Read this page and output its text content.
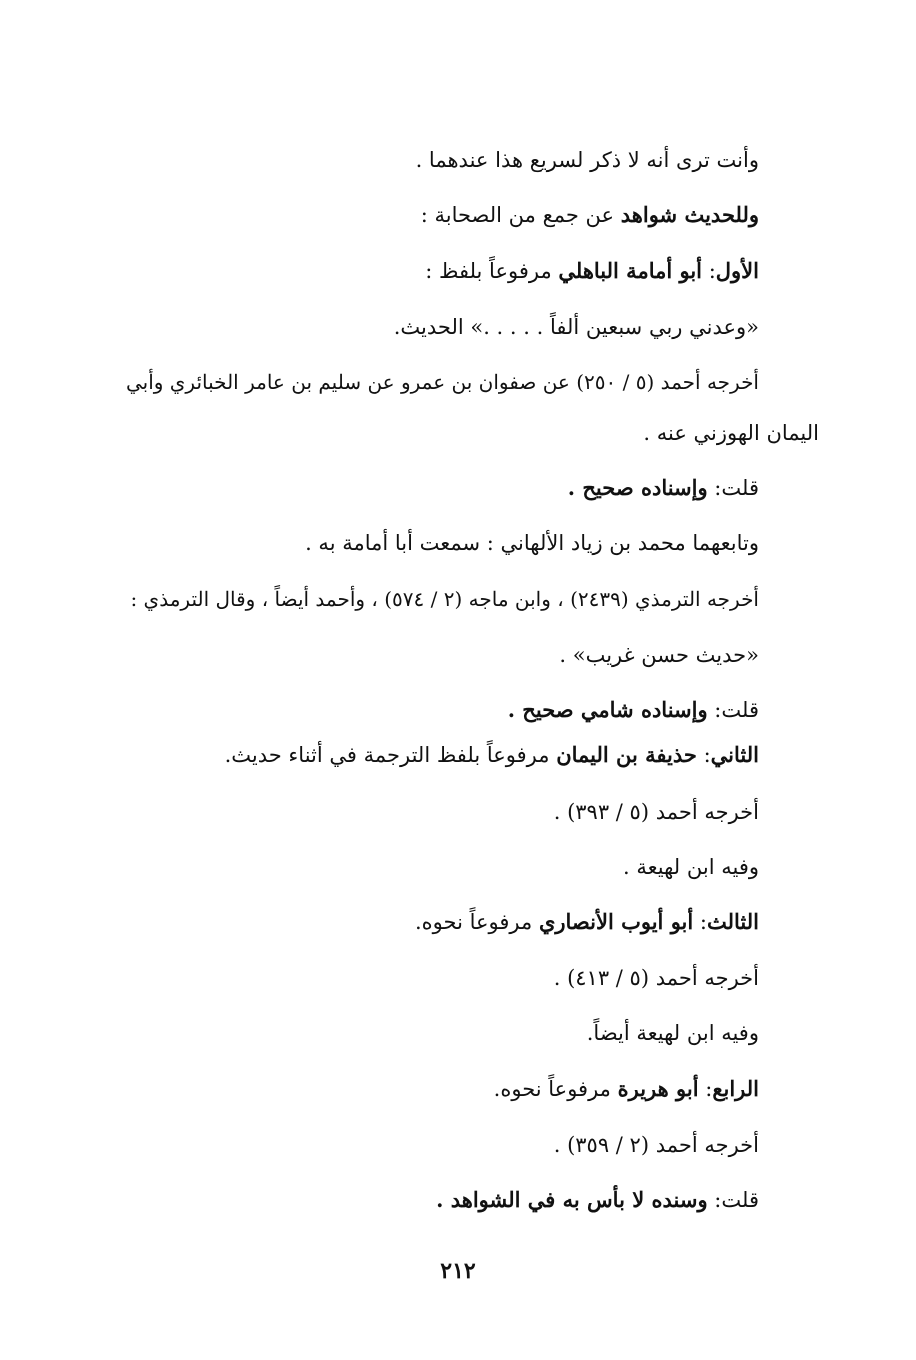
وأنت ترى أنه لا ذكر لسريع هذا عندهما .
وللحديث شواهد عن جمع من الصحابة :
الأول: أبو أمامة الباهلي مرفوعاً بلفظ :
«وعدني ربي سبعين ألفاً . . . . .» الحديث.
أخرجه أحمد (٥ / ٢٥٠) عن صفوان بن عمرو عن سليم بن عامر الخبائري وأبي
اليمان الهوزني عنه .
قلت: وإسناده صحيح .
وتابعهما محمد بن زياد الألهاني : سمعت أبا أمامة به .
أخرجه الترمذي (٢٤٣٩) ، وابن ماجه (٢ / ٥٧٤) ، وأحمد أيضاً ، وقال الترمذي :
«حديث حسن غريب» .
قلت: وإسناده شامي صحيح .
الثاني: حذيفة بن اليمان مرفوعاً بلفظ الترجمة في أثناء حديث.
أخرجه أحمد (٥ / ٣٩٣) .
وفيه ابن لهيعة .
الثالث: أبو أيوب الأنصاري مرفوعاً نحوه.
أخرجه أحمد (٥ / ٤١٣) .
وفيه ابن لهيعة أيضاً.
الرابع: أبو هريرة مرفوعاً نحوه.
أخرجه أحمد (٢ / ٣٥٩) .
قلت: وسنده لا بأس به في الشواهد .
٢١٢
